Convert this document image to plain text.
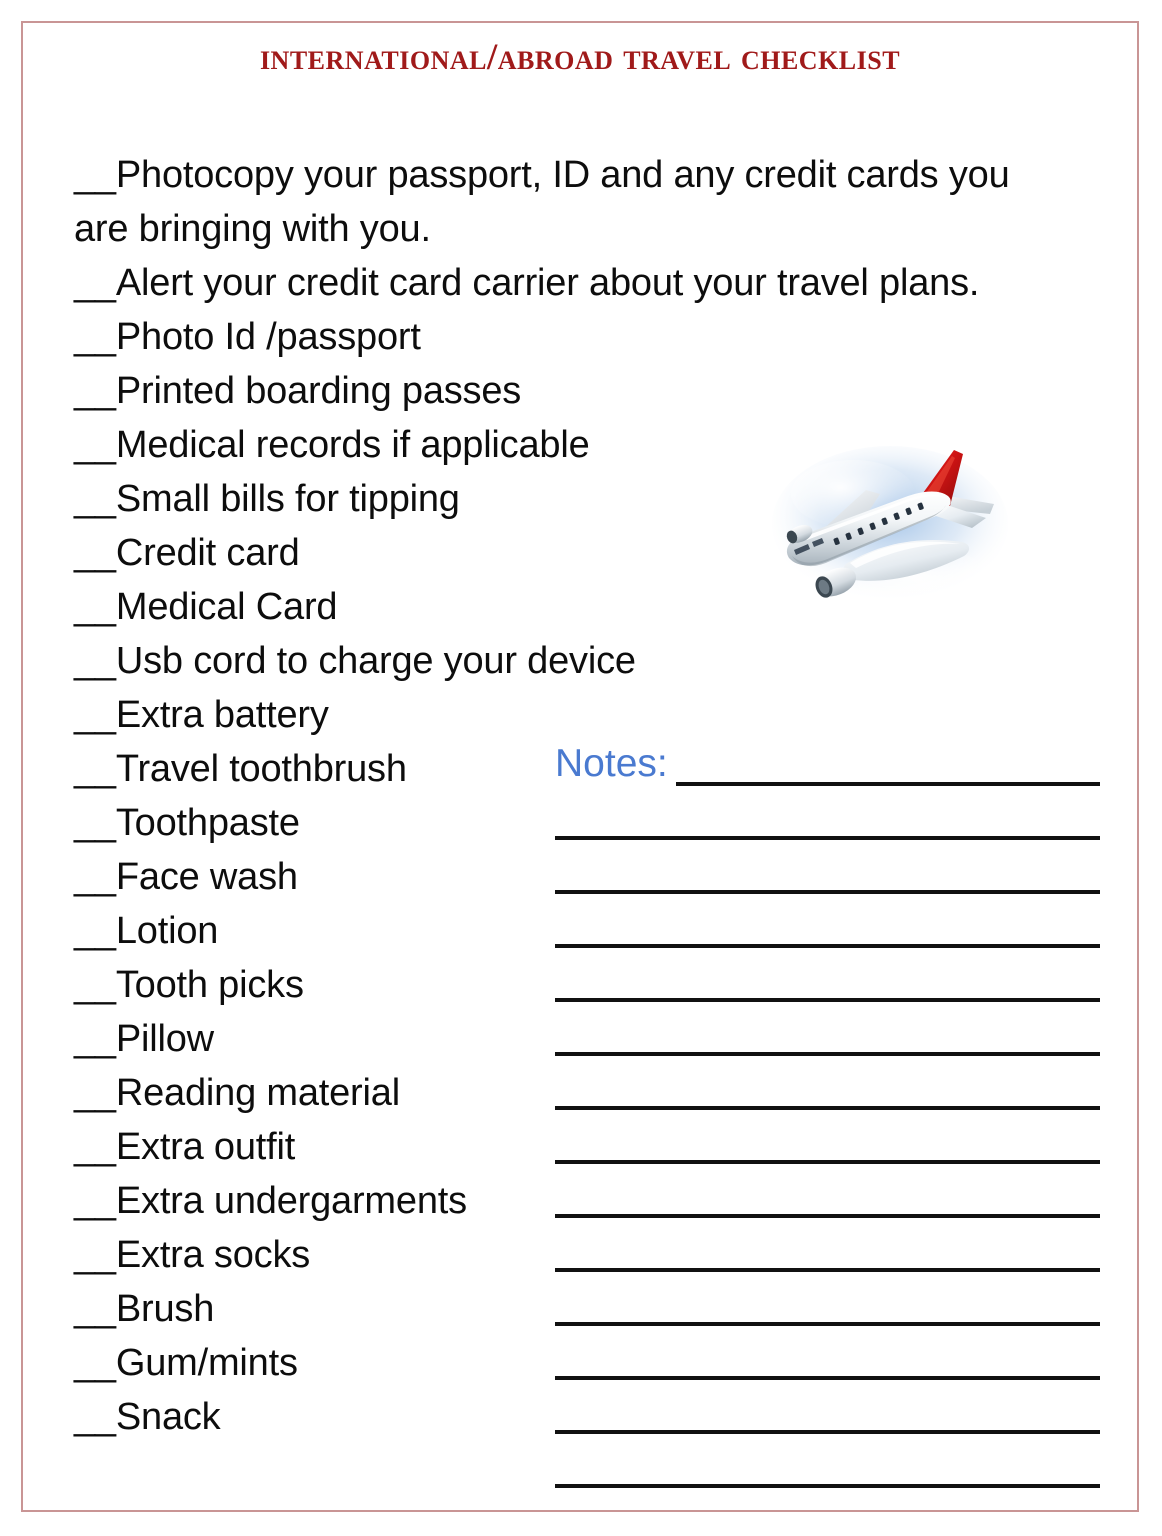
international/abroad travel checklist
__Photocopy your passport, ID and any credit cards you are bringing with you.
__Alert your credit card carrier about your travel plans.
__Photo Id /passport
__Printed boarding passes
__Medical records if applicable
__Small bills for tipping
__Credit card
__Medical Card
__Usb cord to charge your device
__Extra battery
__Travel toothbrush
__Toothpaste
__Face wash
__Lotion
__Tooth picks
__Pillow
__Reading material
__Extra outfit
__Extra undergarments
__Extra socks
__Brush
__Gum/mints
__Snack
Notes:
